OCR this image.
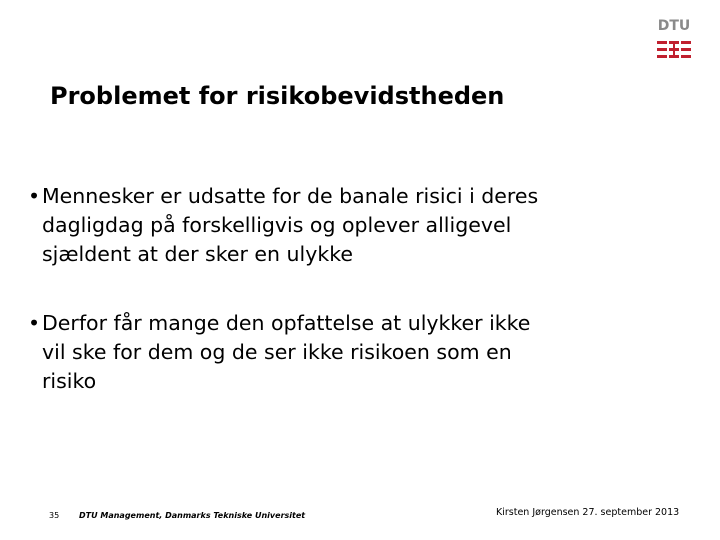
DTU
Problemet for risikobevidstheden
• Mennesker er udsatte for de banale risici i deres
dagligdag på forskelligvis og oplever alligevel
sjældent at der sker en ulykke
• Derfor får mange den opfattelse at ulykker ikke
vil ske for dem og de ser ikke risikoen som en
risiko
35 DTU Management, Danmarks Tekniske Universitet	Kirsten Jørgensen 27. september 2013
